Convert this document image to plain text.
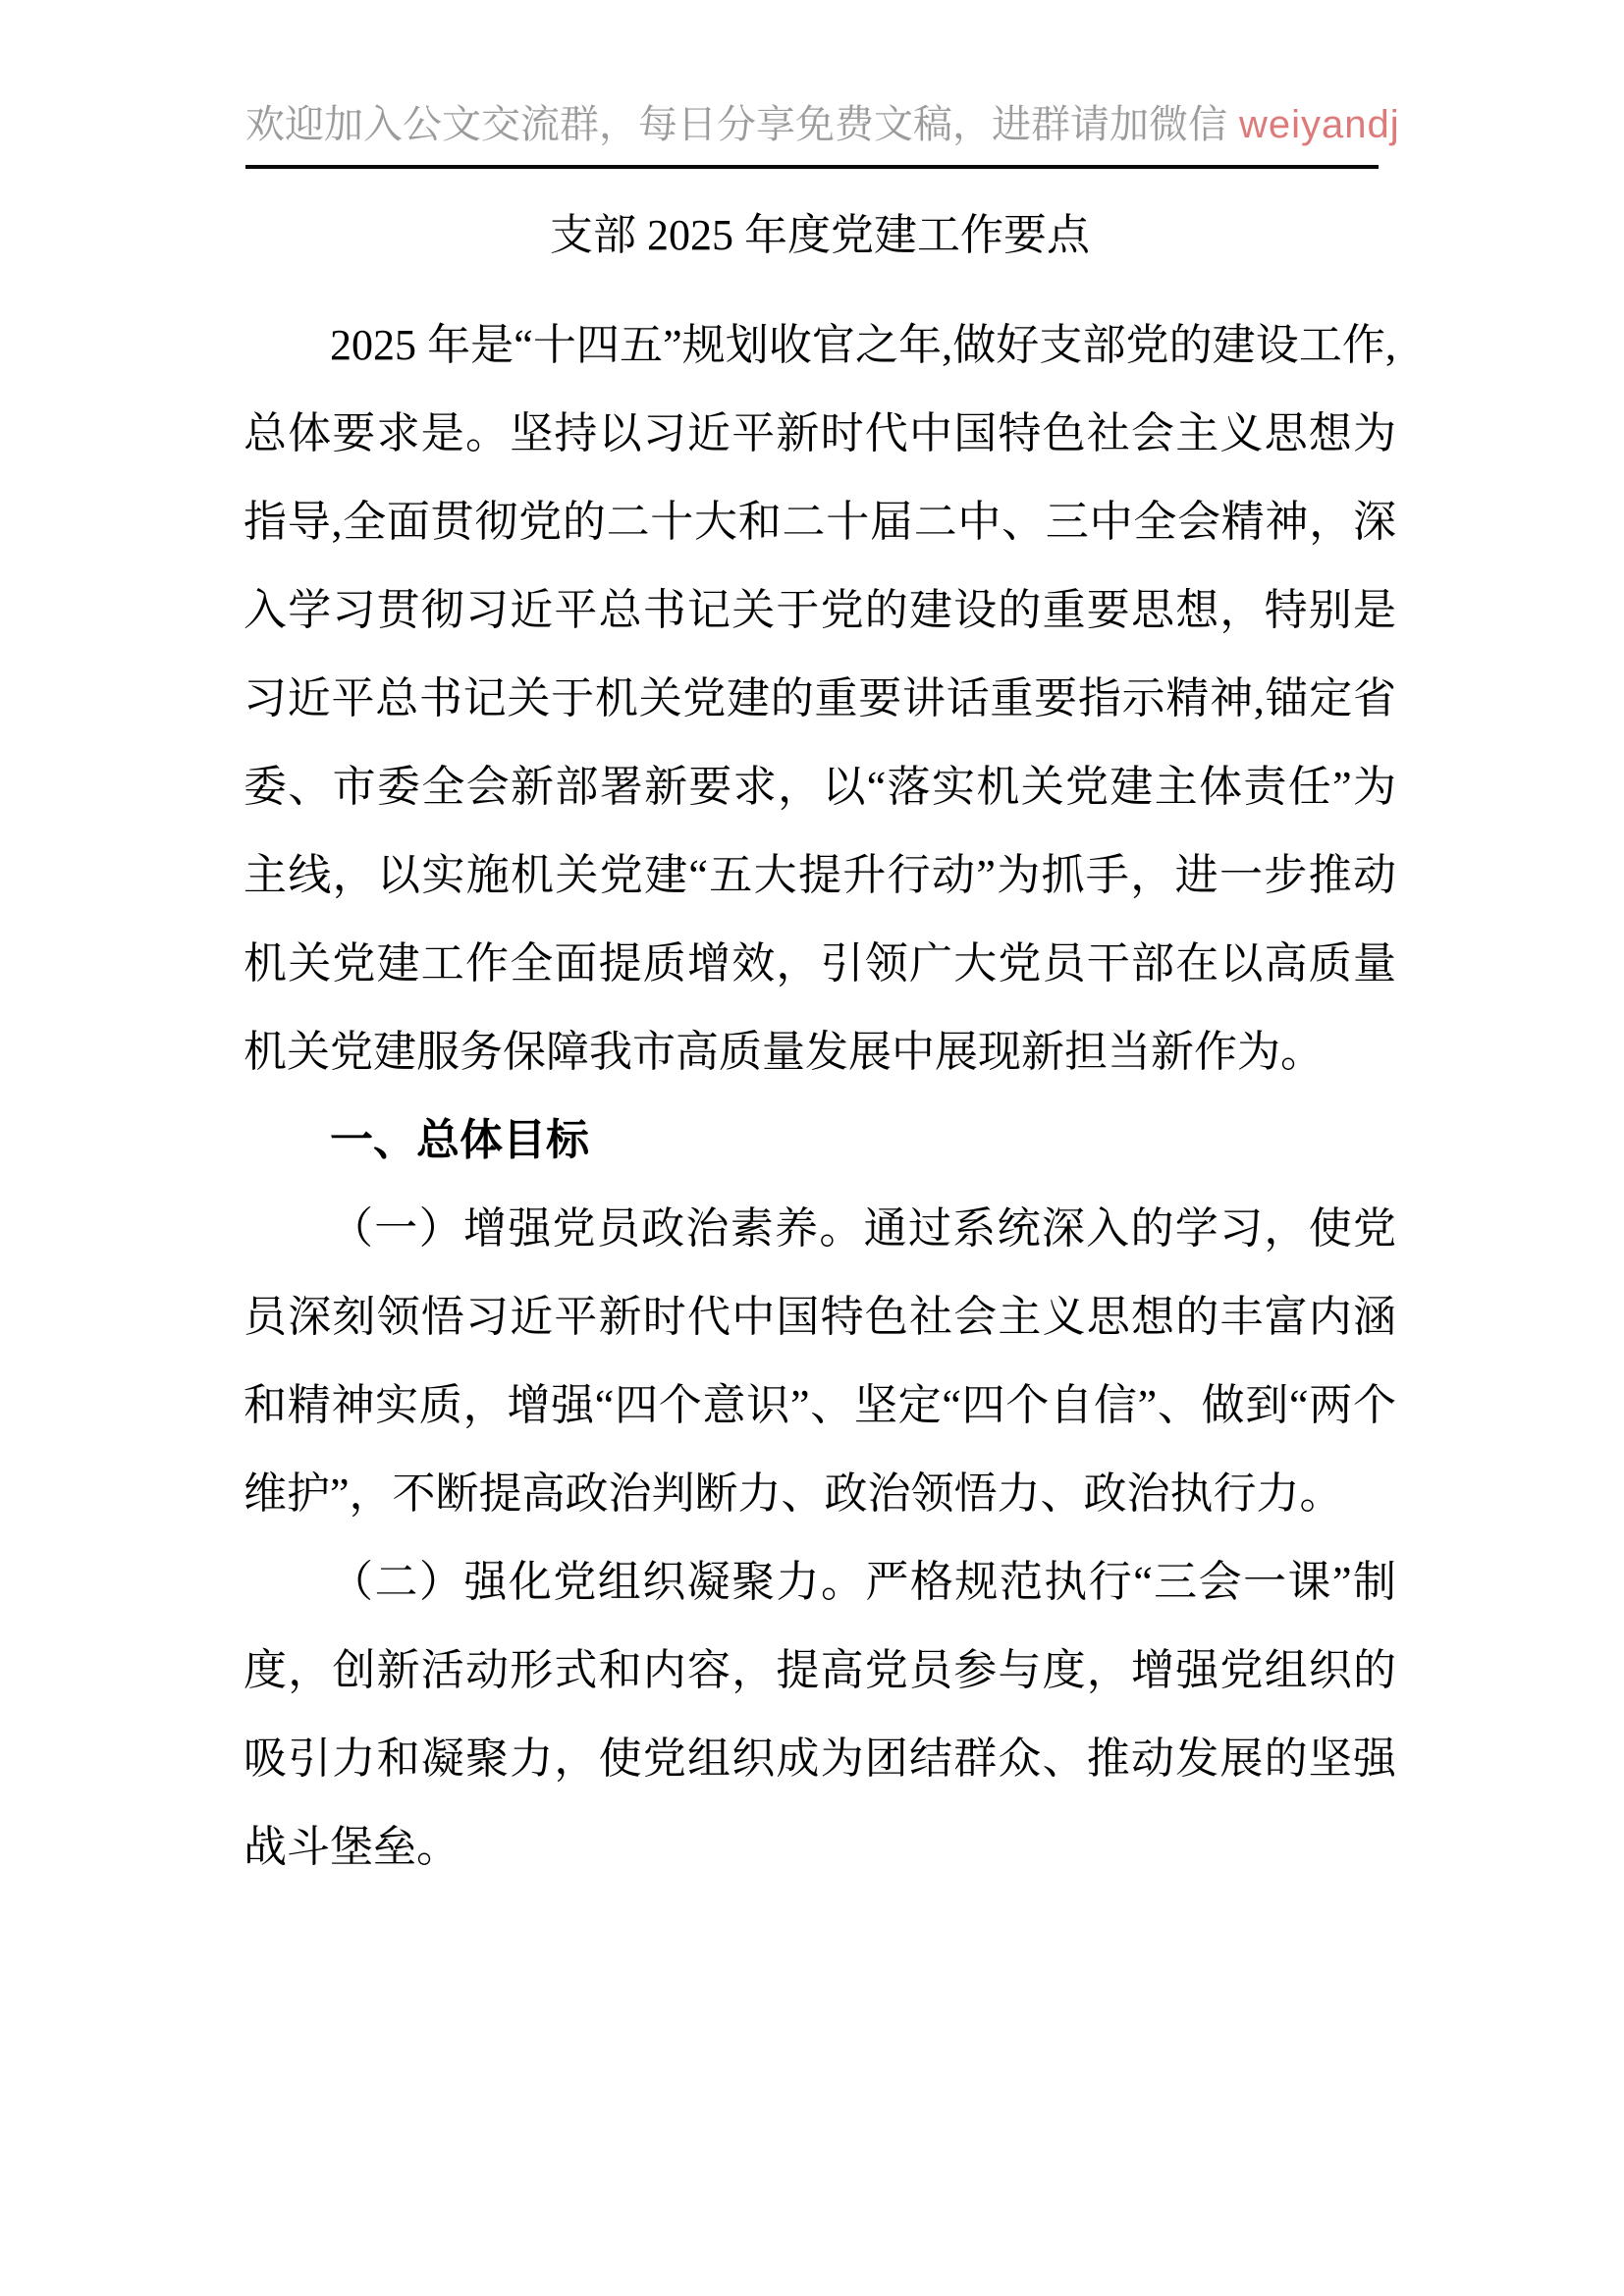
欢迎加入公文交流群，每日分享免费文稿，进群请加微信 weiyandj
支部 2025 年度党建工作要点

2025 年是“十四五”规划收官之年,做好支部党的建设工作,总体要求是。坚持以习近平新时代中国特色社会主义思想为指导,全面贯彻党的二十大和二十届二中、三中全会精神，深入学习贯彻习近平总书记关于党的建设的重要思想，特别是习近平总书记关于机关党建的重要讲话重要指示精神,锚定省委、市委全会新部署新要求，以“落实机关党建主体责任”为主线，以实施机关党建“五大提升行动”为抓手，进一步推动机关党建工作全面提质增效，引领广大党员干部在以高质量机关党建服务保障我市高质量发展中展现新担当新作为。

一、总体目标

（一）增强党员政治素养。通过系统深入的学习，使党员深刻领悟习近平新时代中国特色社会主义思想的丰富内涵和精神实质，增强“四个意识”、坚定“四个自信”、做到“两个维护”，不断提高政治判断力、政治领悟力、政治执行力。

（二）强化党组织凝聚力。严格规范执行“三会一课”制度，创新活动形式和内容，提高党员参与度，增强党组织的吸引力和凝聚力，使党组织成为团结群众、推动发展的坚强战斗堡垒。
